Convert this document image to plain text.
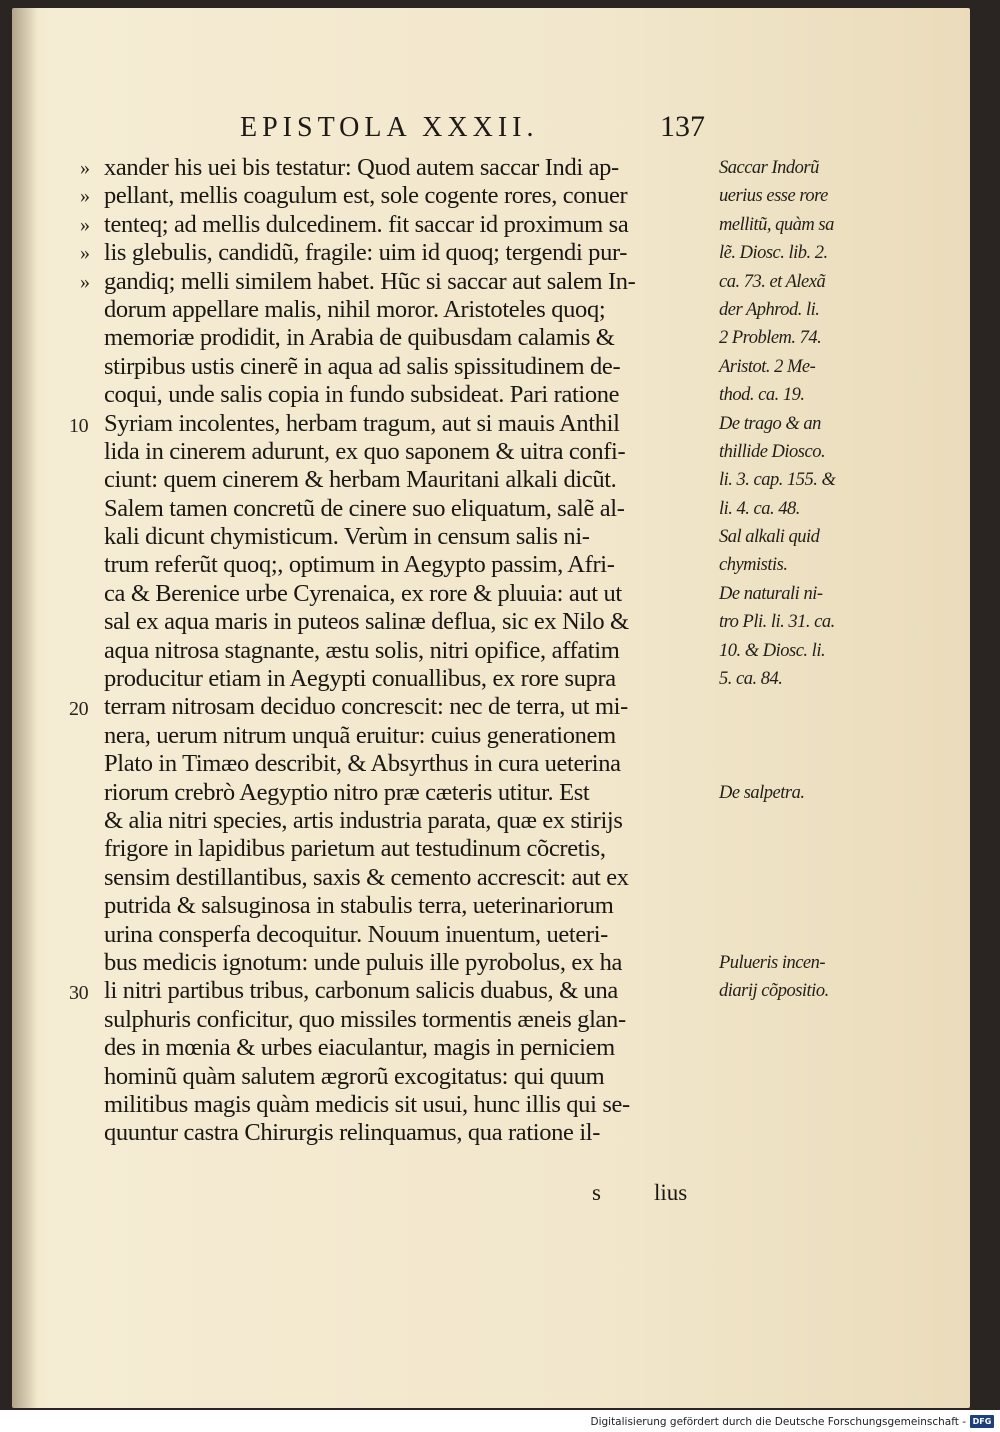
EPISTOLA XXXII.	137
» xander his uei bis testatur: Quod autem saccar Indi ap-
» pellant, mellis coagulum est, sole cogente rores, conuer
» tenteq; ad mellis dulcedinem. fit saccar id proximum sa
» lis glebulis, candidũ, fragile: uim id quoq; tergendi pur-
» gandiq; melli similem habet. Hũc si saccar aut salem In-
dorum appellare malis, nihil moror. Aristoteles quoq;
memoriæ prodidit, in Arabia de quibusdam calamis &
stirpibus ustis cinerẽ in aqua ad salis spissitudinem de-
coqui, unde salis copia in fundo subsideat. Pari ratione
10 Syriam incolentes, herbam tragum, aut si mauis Anthil
lida in cinerem adurunt, ex quo saponem & uitra confi-
ciunt: quem cinerem & herbam Mauritani alkali dicũt.
Salem tamen concretũ de cinere suo eliquatum, salẽ al-
kali dicunt chymisticum. Verùm in censum salis ni-
trum referũt quoq;, optimum in Aegypto passim, Afri-
ca & Berenice urbe Cyrenaica, ex rore & pluuia: aut ut
sal ex aqua maris in puteos salinæ deflua, sic ex Nilo &
aqua nitrosa stagnante, æstu solis, nitri opifice, affatim
producitur etiam in Aegypti conuallibus, ex rore supra
20 terram nitrosam deciduo concrescit: nec de terra, ut mi-
nera, uerum nitrum unquã eruitur: cuius generationem
Plato in Timæo describit, & Absyrthus in cura ueterina
riorum crebrò Aegyptio nitro præ cæteris utitur. Est
& alia nitri species, artis industria parata, quæ ex stirijs
frigore in lapidibus parietum aut testudinum cõcretis,
sensim destillantibus, saxis & cemento accrescit: aut ex
putrida & salsuginosa in stabulis terra, ueterinariorum
urina consperfa decoquitur. Nouum inuentum, ueteri-
bus medicis ignotum: unde puluis ille pyrobolus, ex ha
30 li nitri partibus tribus, carbonum salicis duabus, & una
sulphuris conficitur, quo missiles tormentis æneis glan-
des in mœnia & urbes eiaculantur, magis in perniciem
hominũ quàm salutem ægrorũ excogitatus: qui quum
militibus magis quàm medicis sit usui, hunc illis qui se-
quuntur castra Chirurgis relinquamus, qua ratione il-
Saccar Indorũ
uerius esse rore
mellitũ, quàm sa
lẽ. Diosc. lib. 2.
ca. 73. et Alexã
der Aphrod. li.
2 Problem. 74.
Aristot. 2 Me-
thod. ca. 19.
De trago & an
thillide Diosco.
li. 3. cap. 155. &
li. 4. ca. 48.
Sal alkali quid
chymistis.
De naturali ni-
tro Pli. li. 31. ca.
10. & Diosc. li.
5. ca. 84.
De salpetra.
Pulueris incen-
diarij cõpositio.
s lius
Digitalisierung gefördert durch die Deutsche Forschungsgemeinschaft - DFG
